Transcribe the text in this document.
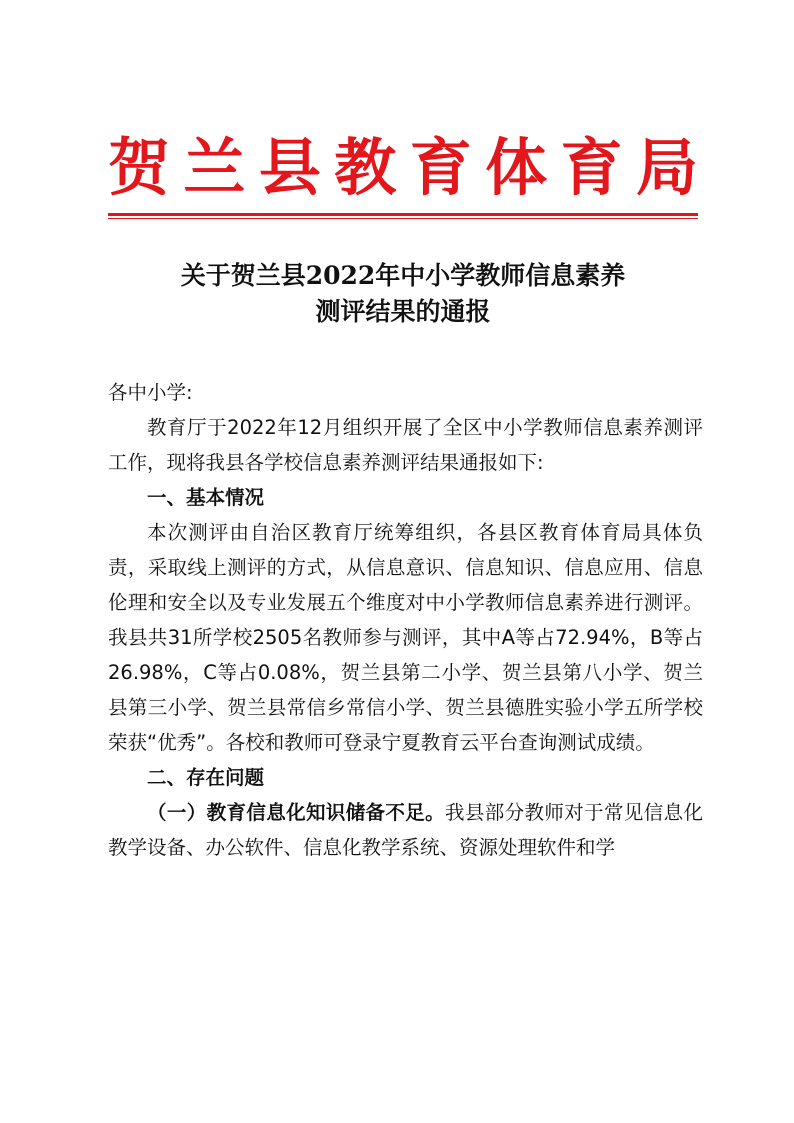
贺 兰 县 教 育 体 育 局
关于贺兰县2022年中小学教师信息素养
测评结果的通报

各中小学:

教育厅于2022年12月组织开展了全区中小学教师信息素养测评工作，现将我县各学校信息素养测评结果通报如下:

一、基本情况

本次测评由自治区教育厅统筹组织，各县区教育体育局具体负责，采取线上测评的方式，从信息意识、信息知识、信息应用、信息伦理和安全以及专业发展五个维度对中小学教师信息素养进行测评。我县共31所学校2505名教师参与测评，其中A等占72.94%，B等占26.98%，C等占0.08%，贺兰县第二小学、贺兰县第八小学、贺兰县第三小学、贺兰县常信乡常信小学、贺兰县德胜实验小学五所学校荣获“优秀”。各校和教师可登录宁夏教育云平台查询测试成绩。

二、存在问题

（一）教育信息化知识储备不足。我县部分教师对于常见信息化教学设备、办公软件、信息化教学系统、资源处理软件和学
